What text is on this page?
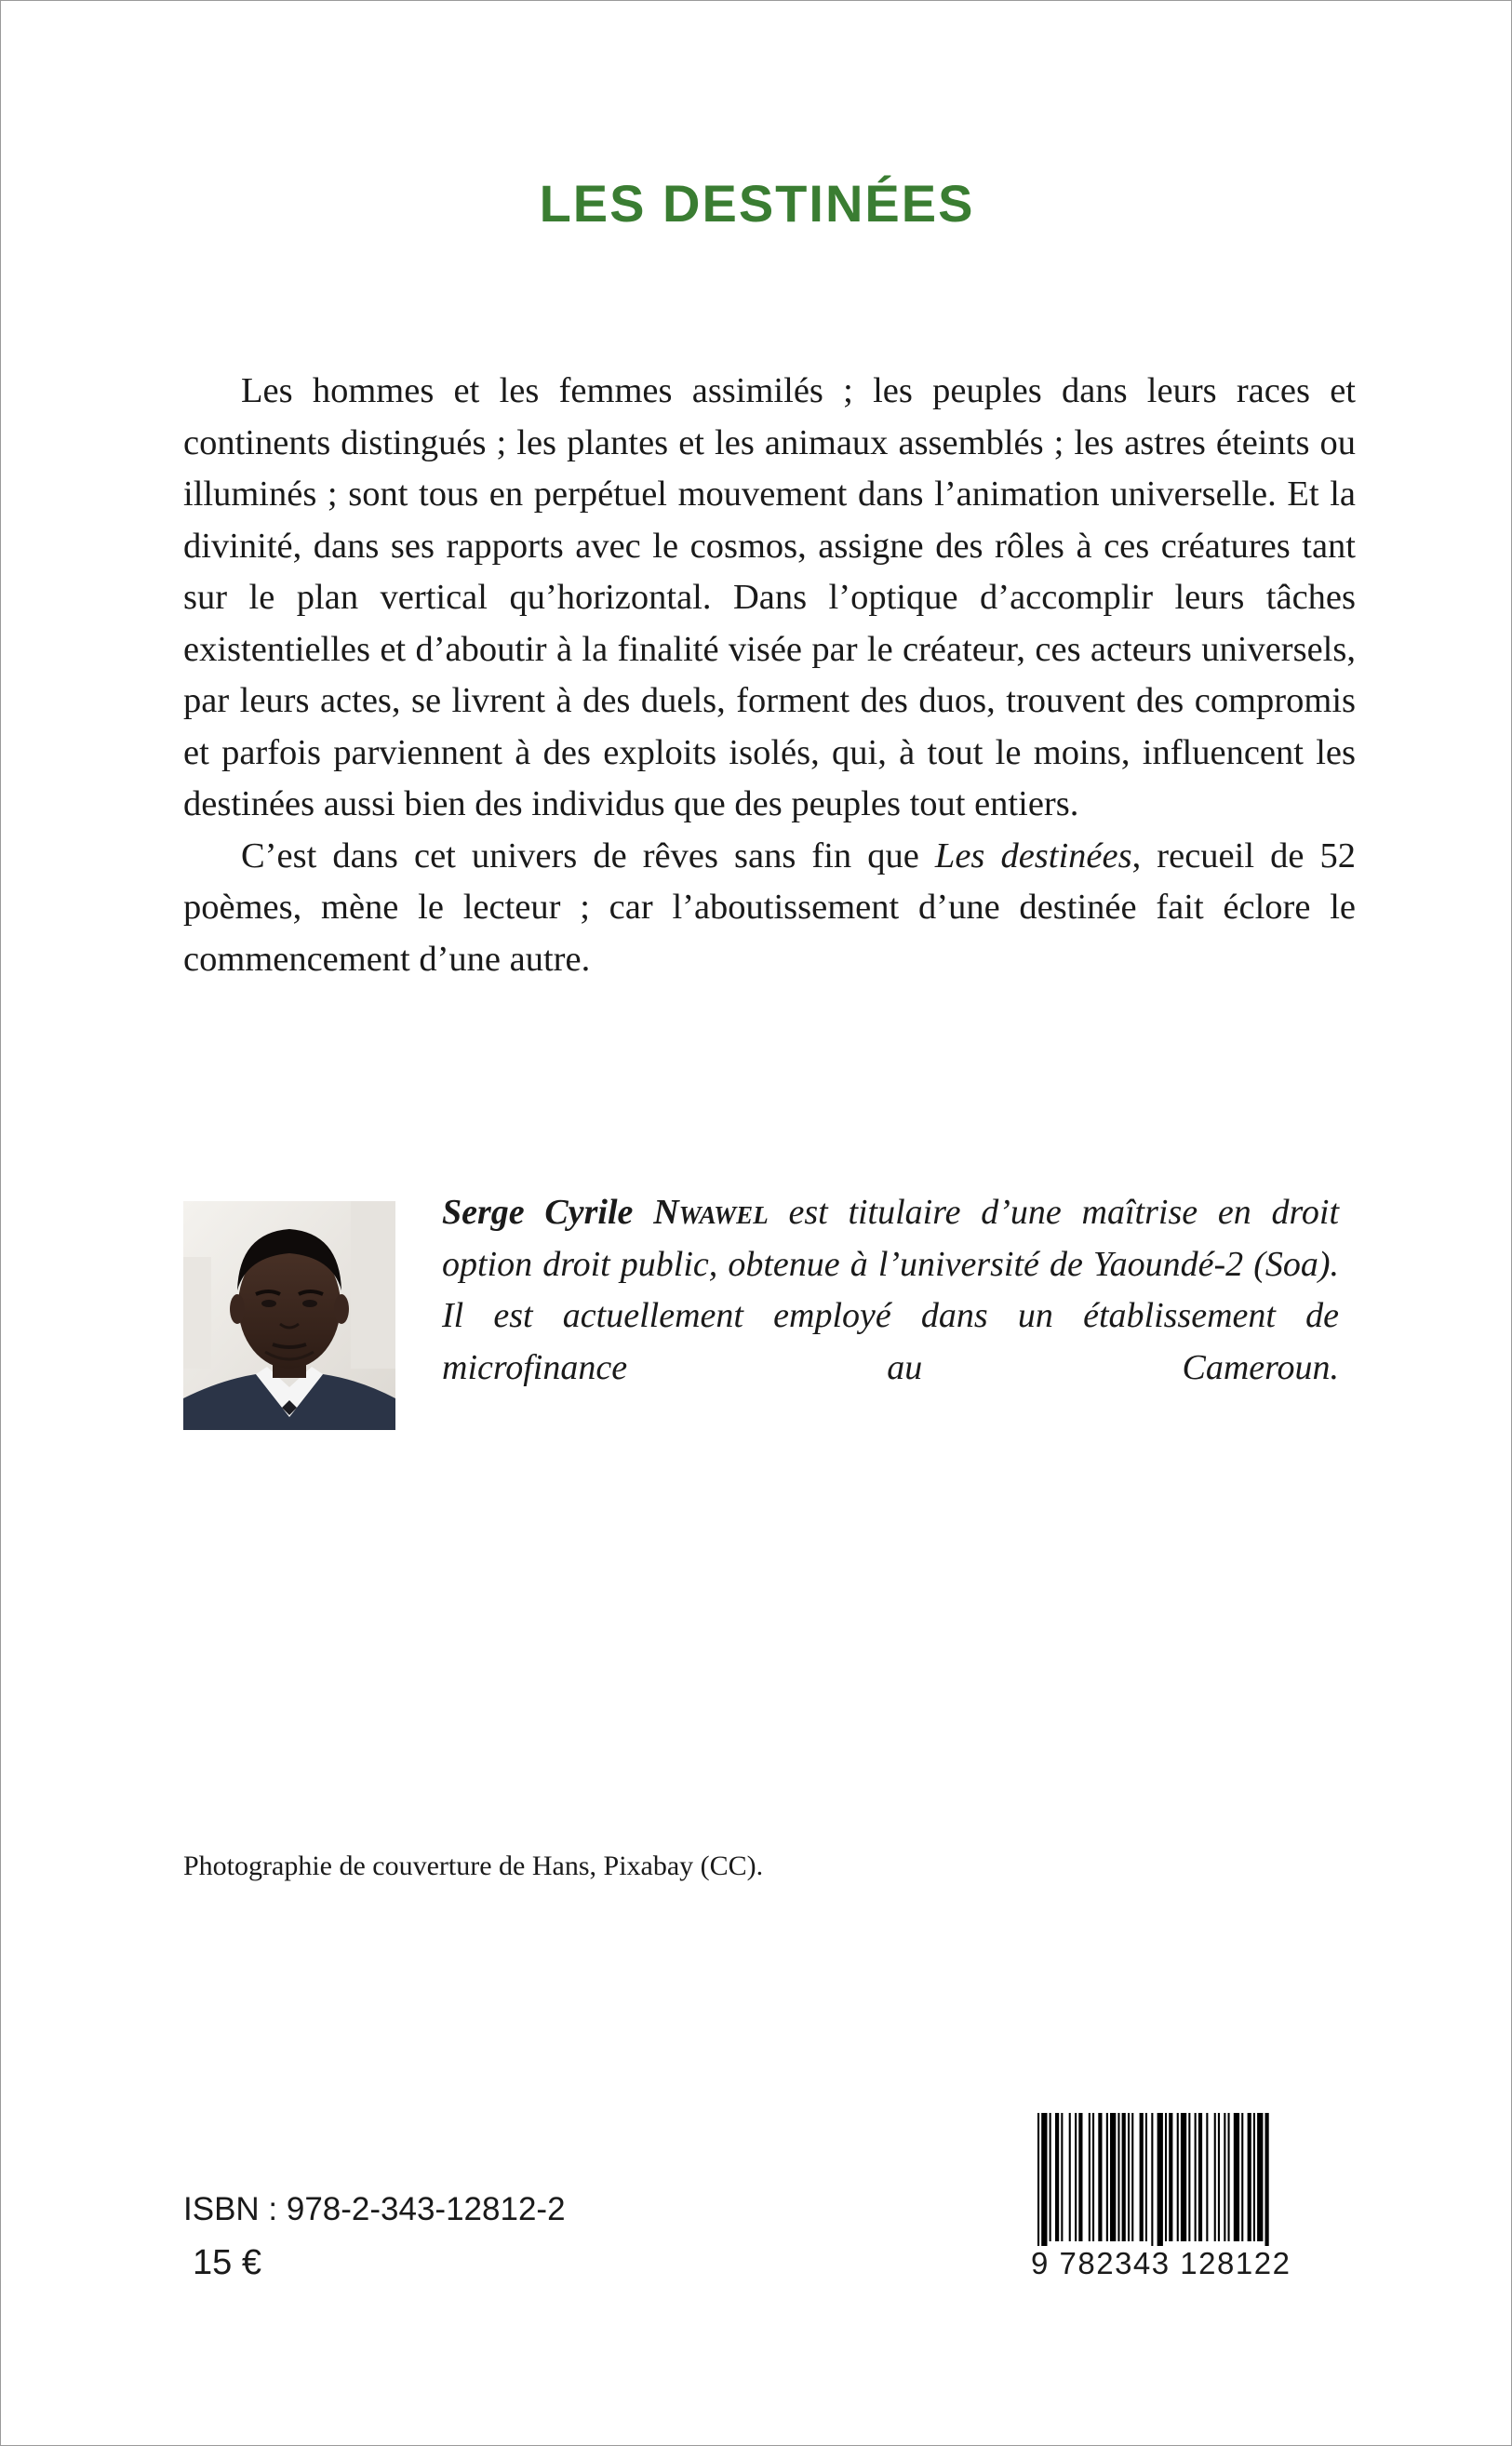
LES DESTINÉES

Les hommes et les femmes assimilés ; les peuples dans leurs races et continents distingués ; les plantes et les animaux assemblés ; les astres éteints ou illuminés ; sont tous en perpétuel mouvement dans l’animation universelle. Et la divinité, dans ses rapports avec le cosmos, assigne des rôles à ces créatures tant sur le plan vertical qu’horizontal. Dans l’optique d’accomplir leurs tâches existentielles et d’aboutir à la finalité visée par le créateur, ces acteurs universels, par leurs actes, se livrent à des duels, forment des duos, trouvent des compromis et parfois parviennent à des exploits isolés, qui, à tout le moins, influencent les destinées aussi bien des individus que des peuples tout entiers.

C’est dans cet univers de rêves sans fin que Les destinées, recueil de 52 poèmes, mène le lecteur ; car l’aboutissement d’une destinée fait éclore le commencement d’une autre.

Serge Cyrile Nwawel est titulaire d’une maîtrise en droit option droit public, obtenue à l’université de Yaoundé-2 (Soa). Il est actuellement employé dans un établissement de microfinance au Cameroun.

Photographie de couverture de Hans, Pixabay (CC).

ISBN : 978-2-343-12812-2

15 €	9 782343 128122
